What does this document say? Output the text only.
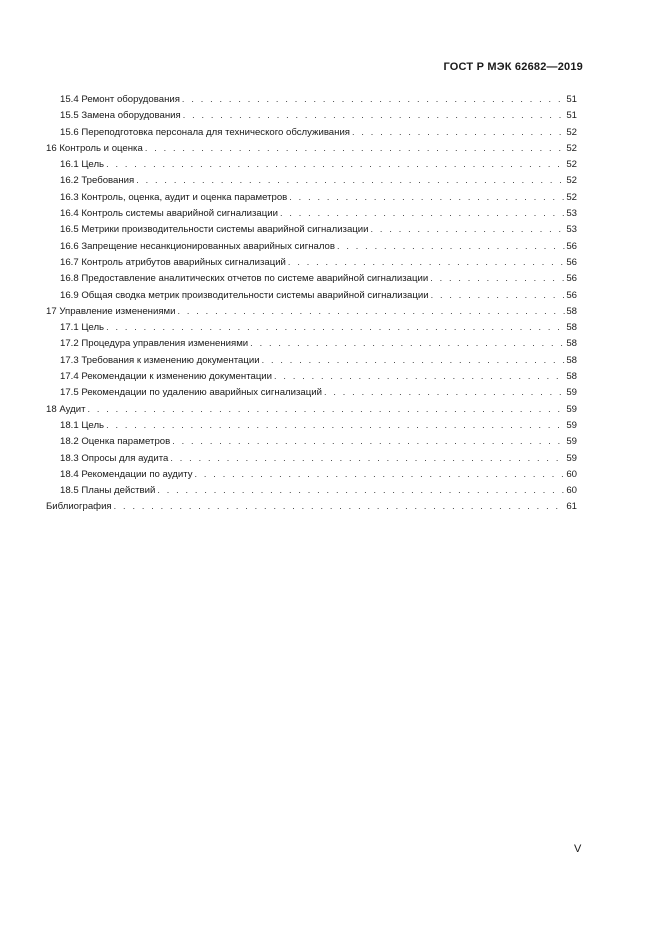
ГОСТ Р МЭК 62682—2019
15.4 Ремонт оборудования . . .	51
15.5 Замена оборудования . . .	51
15.6 Переподготовка персонала для технического обслуживания . . .	52
16 Контроль и оценка . . .	52
16.1 Цель . . .	52
16.2 Требования . . .	52
16.3 Контроль, оценка, аудит и оценка параметров . . .	52
16.4 Контроль системы аварийной сигнализации . . .	53
16.5 Метрики производительности системы аварийной сигнализации . . .	53
16.6 Запрещение несанкционированных аварийных сигналов . . .	56
16.7 Контроль атрибутов аварийных сигнализаций . . .	56
16.8 Предоставление аналитических отчетов по системе аварийной сигнализации . . .	56
16.9 Общая сводка метрик производительности системы аварийной сигнализации . . .	56
17 Управление изменениями . . .	58
17.1 Цель . . .	58
17.2 Процедура управления изменениями . . .	58
17.3 Требования к изменению документации . . .	58
17.4 Рекомендации к изменению документации . . .	58
17.5 Рекомендации по удалению аварийных сигнализаций . . .	59
18 Аудит . . .	59
18.1 Цель . . .	59
18.2 Оценка параметров . . .	59
18.3 Опросы для аудита . . .	59
18.4 Рекомендации по аудиту . . .	60
18.5 Планы действий . . .	60
Библиография . . .	61
V
